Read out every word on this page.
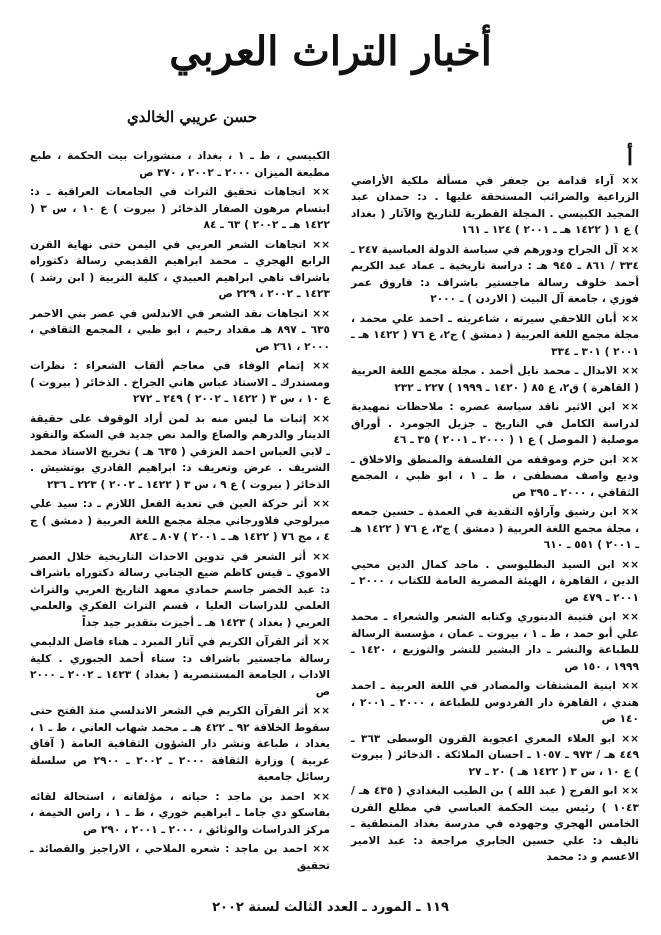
أخبار التراث العربي
حسن عريبي الخالدي
أ
×× آراء قدامة بن جعفر في مسألة ملكية الأراضي الزراعية والضرائب المستحقة عليها . د: حمدان عبد المجيد الكبيسي . المجلة القطرية للتاريخ والآثار ( بغداد ) ع ١ ( ١٤٢٢ هـ ـ ٢٠٠١ ) ١٢٤ ـ ١٦١
×× آل الجراح ودورهم في سياسة الدولة العباسية ٢٤٧ ـ ٣٣٤ / ٨٦١ ـ ٩٤٥ هـ : دراسة تاريخية ـ عماد عبد الكريم أحمد خلوف رسالة ماجستير باشراف د: فاروق عمر فوزي ، جامعة آل البيت ( الاردن ) ـ ٢٠٠٠
×× أبان اللاحقي سيرته ، شاعريته ـ احمد علي محمد ، مجلة مجمع اللغة العربية ( دمشق ) ج٢، ع ٧٦ ( ١٤٢٢ هـ ـ ٢٠٠١ ) ٣٠١ ـ ٣٣٤
×× الابدال ـ محمد نايل أحمد . مجلة مجمع اللغة العربية ( القاهرة ) ق٢، ع ٨٥ ( ١٤٢٠ ـ ١٩٩٩ ) ٢٢٧ ـ ٢٣٢
×× ابن الاثير ناقد سياسة عصره : ملاحظات تمهيدية لدراسة الكامل في التاريخ ـ جزيل الجومرد . أوراق موصلية ( الموصل ) ع ١ ( ٢٠٠٠ ـ ٢٠٠١ ) ٣٥ ـ ٤٦
×× ابن حزم وموقفه من الفلسفة والمنطق والاخلاق ـ وديع واصف مصطفى ، ط ـ ١ ، ابو ظبي ، المجمع الثقافي ، ٢٠٠٠ ـ ٣٩٥ ص
×× ابن رشيق وآراؤه النقدية في العمدة ـ حسين جمعه ، مجلة مجمع اللغة العربية ( دمشق ) ج٣، ع ٧٦ ( ١٤٢٢ هـ ـ ٢٠٠١ ) ٥٥١ ـ ٦١٠
×× ابن السيد البطليوسي . ماجد كمال الدين محيي الدين ، القاهرة ، الهيئة المصرية العامة للكتاب ، ٢٠٠٠ ـ ٢٠٠١ ـ ٤٧٩ ص
×× ابن قتيبة الدينوري وكتابه الشعر والشعراء ـ محمد علي أبو حمد ، ط ـ ١ ، بيروت ـ عمان ، مؤسسة الرسالة للطباعة والنشر ـ دار البشير للنشر والتوزيع ، ١٤٢٠ ـ ١٩٩٩ ، ١٥٠ ص
×× ابنية المشتقات والمصادر في اللغة العربية ـ احمد هندي ، القاهرة دار الفردوس للطباعة ، ٢٠٠٠ ـ ٢٠٠١ ، ١٤٠ ص
×× ابو العلاء المعري اعجوبة القرون الوسطى ٣٦٣ ـ ٤٤٩ هـ / ٩٧٣ ـ ١٠٥٧ ـ احسان الملائكة . الذخائر ( بيروت ) ع ١٠ ، س ٣ ( ١٤٢٢ هـ ) ٢٠ ـ ٢٧
×× ابو الفرج ( عبد الله ) بن الطيب البغدادي ( ٤٣٥ هـ / ١٠٤٣ ) رئيس بيت الحكمة العباسي في مطلع القرن الخامس الهجري وجهوده في مدرسة بغداد المنطقية ـ تاليف د: علي حسين الجابري مراجعة د: عبد الامير الاعسم و د: محمد
الكبيسي ، ط ـ ١ ، بغداد ، منشورات بيت الحكمة ، طبع مطبعة الميزان ٢٠٠٠ ـ ٢٠٠٢ ، ٣٧٠ ص
×× اتجاهات تحقيق التراث في الجامعات العراقية ـ د: ابتسام مرهون الصفار الذخائر ( بيروت ) ع ١٠ ، س ٣ ( ١٤٢٢ هـ ـ ٢٠٠٢ ) ٦٣ ـ ٨٤
×× اتجاهات الشعر العربي في اليمن حتى نهاية القرن الرابع الهجري ـ محمد ابراهيم القديمي رسالة دكتوراه باشراف ناهي ابراهيم العبيدي ، كلية التربية ( ابن رشد ) ١٤٢٣ ـ ٢٠٠٢ ، ٢٢٩ ص
×× اتجاهات نقد الشعر في الاندلس في عصر بني الاحمر ٦٣٥ ـ ٨٩٧ هـ مقداد رحيم ، ابو ظبي ، المجمع الثقافي ، ٢٠٠٠ ، ٢٦١ ص
×× إتمام الوفاء في معاجم ألقاب الشعراء : نظرات ومستدرك ـ الاستاذ عباس هاني الجراخ . الذخائر ( بيروت ) ع ١٠ ، س ٣ ( ١٤٢٢ ـ ٢٠٠٢ ) ٢٤٩ ـ ٢٧٢
×× إثبات ما ليس منه بد لمن أراد الوقوف على حقيقة الدينار والدرهم والصاع والمد نص جديد في السكة والنقود ـ لابي العباس احمد العزفي ( ٦٣٥ هـ ) تخريج الاستاذ محمد الشريف . عرض وتعريف د: ابراهيم القادري بوتشيش . الذخائر ( بيروت ) ع ٩ ، س ٣ ( ١٤٢٢ ـ ٢٠٠٢ ) ٢٢٣ ـ ٢٣٦
×× أثر حركة العين في تعدية الفعل اللازم ـ د: سيد علي ميرلوجي فلاورجاني مجلة مجمع اللغة العربية ( دمشق ) ج ٤ ، مج ٧٦ ( ١٤٢٢ هـ ـ ٢٠٠١ ) ٨٠٧ ـ ٨٢٤
×× أثر الشعر في تدوين الاحداث التاريخية خلال العصر الاموي ـ قيس كاظم ضيع الجنابي رسالة دكتوراه باشراف د: عبد الخضر جاسم حمادي معهد التاريخ العربي والتراث العلمي للدراسات العليا ، قسم التراث الفكري والعلمي العربي ( بغداد ) ١٤٢٣ هـ ـ أجيزت بتقدير جيد جداً
×× أثر القرآن الكريم في آثار المبرد ـ هناء فاضل الدليمي رسالة ماجستير باشراف د: سناء أحمد الجبوري . كلية الاداب ، الجامعة المستنصرية ( بغداد ) ١٤٢٣ ـ ٢٠٠٢ ـ ٢٠٠٠ ص
×× أثر القرآن الكريم في الشعر الاندلسي منذ الفتح حتى سقوط الخلافة ٩٢ ـ ٤٢٢ هـ ـ محمد شهاب العاني ، ط ـ ١ ، بغداد ، طباعة ونشر دار الشؤون الثقافية العامة ( آفاق عربية ) وزارة الثقافة ٢٠٠٠ ـ ٢٠٠٢ ـ ٢٩٠٠ ص سلسلة رسائل جامعية
×× احمد بن ماجد : حياته ، مؤلفاته ، استحالة لقائه بفاسكو دي جاما ـ ابراهيم خوري ، ط ـ ١ ، راس الخيمة ، مركز الدراسات والوثائق ، ٢٠٠٠ ـ ٢٠٠١ ، ٢٩٠ ص
×× احمد بن ماجد : شعره الملاحي ، الاراجيز والقصائد ـ تحقيق
١١٩ ـ المورد ـ العدد الثالث لسنة ٢٠٠٢
